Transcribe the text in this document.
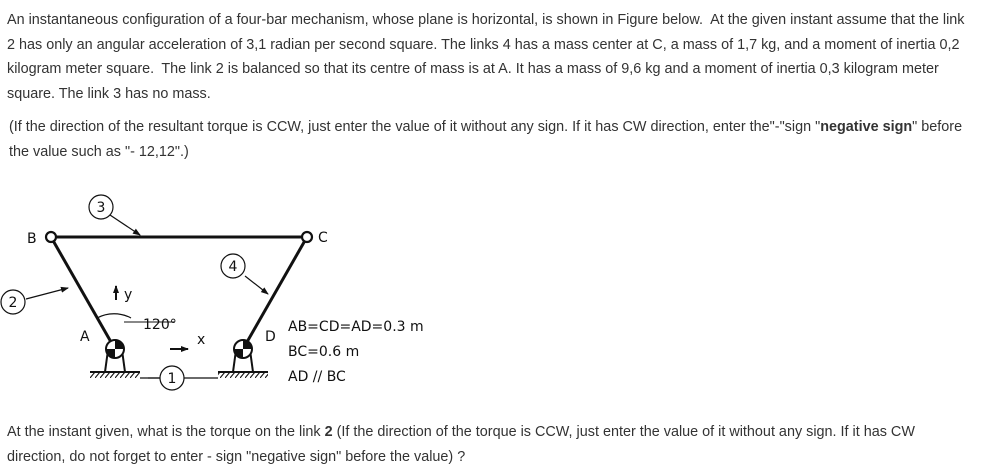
An instantaneous configuration of a four-bar mechanism, whose plane is horizontal, is shown in Figure below. At the given instant assume that the link 2 has only an angular acceleration of 3,1 radian per second square. The links 4 has a mass center at C, a mass of 1,7 kg, and a moment of inertia 0,2 kilogram meter square. The link 2 is balanced so that its centre of mass is at A. It has a mass of 9,6 kg and a moment of inertia 0,3 kilogram meter square. The link 3 has no mass.

(If the direction of the resultant torque is CCW, just enter the value of it without any sign. If it has CW direction, enter the"-"sign "negative sign" before the value such as "- 12,12".)

3
4
2
1
B	C
A	D
x
y
120°	AB=CD=AD=0.3 m
BC=0.6 m
AD // BC

At the instant given, what is the torque on the link 2 (If the direction of the torque is CCW, just enter the value of it without any sign. If it has CW direction, do not forget to enter - sign "negative sign" before the value) ?
